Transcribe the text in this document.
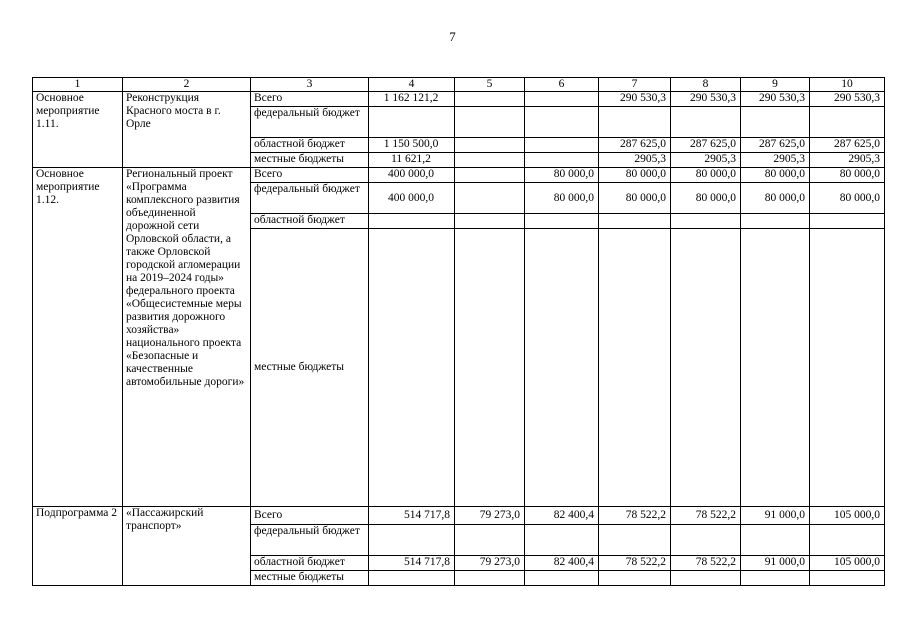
7
1	2	3	4	5	6	7	8	9	10
Основное мероприятие 1.11.	Реконструкция Красного моста в г. Орле	Всего	1 162 121,2			290 530,3	290 530,3	290 530,3	290 530,3
		федеральный бюджет							
		областной бюджет	1 150 500,0			287 625,0	287 625,0	287 625,0	287 625,0
		местные бюджеты	11 621,2			2905,3	2905,3	2905,3	2905,3
Основное мероприятие 1.12.	Региональный проект «Программа комплексного развития объединенной дорожной сети Орловской области, а также Орловской городской агломерации на 2019–2024 годы» федерального проекта «Общесистемные меры развития дорожного хозяйства» национального проекта «Безопасные и качественные автомобильные дороги»	Всего	400 000,0		80 000,0	80 000,0	80 000,0	80 000,0	80 000,0
		федеральный бюджет	400 000,0		80 000,0	80 000,0	80 000,0	80 000,0	80 000,0
		областной бюджет							
		местные бюджеты							
Подпрограмма 2	«Пассажирский транспорт»	Всего	514 717,8	79 273,0	82 400,4	78 522,2	78 522,2	91 000,0	105 000,0
		федеральный бюджет							
		областной бюджет	514 717,8	79 273,0	82 400,4	78 522,2	78 522,2	91 000,0	105 000,0
		местные бюджеты							
